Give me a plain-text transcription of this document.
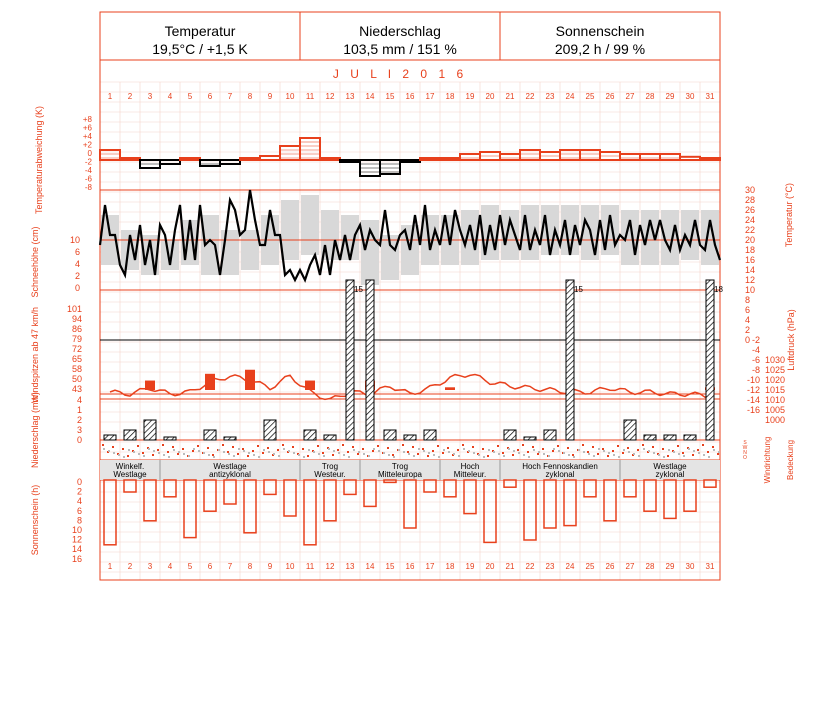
Temperatur
19,5°C / +1,5 K
Niederschlag
103,5 mm / 151 %
Sonnenschein
209,2 h / 99 %
J U L I 2 0 1 6
1
1
2
2
3
3
4
4
5
5
6
6
7
7
8
8
9
9
10
10
11
11
12
12
13
13
14
14
15
15
16
16
17
17
18
18
19
19
20
20
21
21
22
22
23
23
24
24
25
25
26
26
27
27
28
28
29
29
30
30
31
31
+8
+6
+4
+2
0
-2
-4
-6
-8
Temperaturabweichung (K)	30
28
26
24
22
20
18
16
14
12
10
8
6
4
2
0
Temperatur (°C)
Schneehöhe (cm)	10
6
4
2
0
101
94
86
79
72
65
58
50
43
Windspitzen ab 47 km/h	-2
-4
-6
-8
-10
-12
-14
-16
1030
1025
1020
1015
1010
1005
1000
Luftdruck (hPa)
4
2
0
1
3
Niederschlag (mm)
15	15	18
S
W
N
O Windrichtung Bedeckung
Winkelf.
Westlage
Westlage
antizyklonal
Trog
Westeur.
Trog
Mitteleuropa
Hoch
Mitteleur.
Hoch Fennoskandien
zyklonal
Westlage
zyklonal
0
2
4
6
8
10
12
14
16
Sonnenschein (h)
